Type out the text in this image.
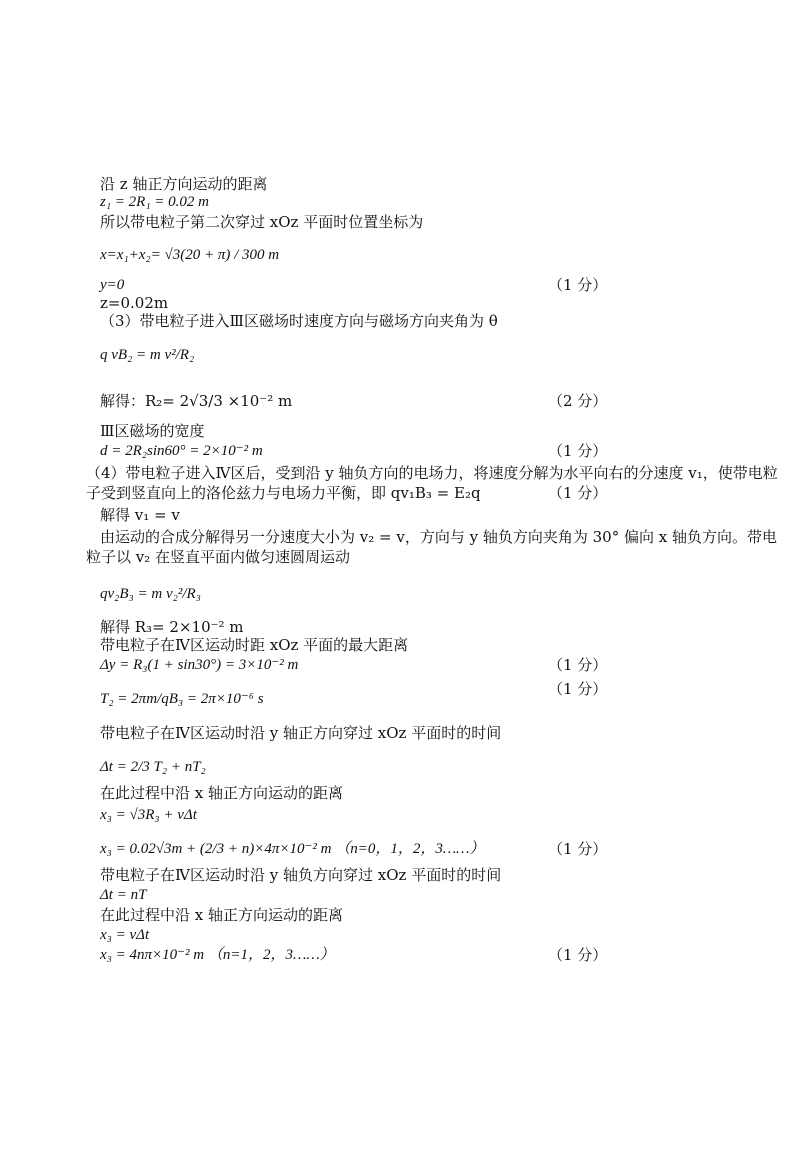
沿 z 轴正方向运动的距离
z₁ = 2R₁ = 0.02 m
所以带电粒子第二次穿过 xOz 平面时位置坐标为
x=x₁+x₂= √3(20 + π) / 300 m
y=0	（1 分）
z=0.02m
（3）带电粒子进入Ⅲ区磁场时速度方向与磁场方向夹角为 θ
q vB₂ = m v²/R₂
解得：R₂= 2√3/3 ×10⁻² m	（2 分）
Ⅲ区磁场的宽度
d = 2R₂sin60° = 2×10⁻² m	（1 分）
（4）带电粒子进入Ⅳ区后，受到沿 y 轴负方向的电场力，将速度分解为水平向右的分速度 v₁，使带电粒
子受到竖直向上的洛伦兹力与电场力平衡，即 qv₁B₃ = E₂q	（1 分）
解得 v₁ = v
由运动的合成分解得另一分速度大小为 v₂ = v，方向与 y 轴负方向夹角为 30° 偏向 x 轴负方向。带电
粒子以 v₂ 在竖直平面内做匀速圆周运动
qv₂B₃ = m v₂²/R₃
解得 R₃= 2×10⁻² m
带电粒子在Ⅳ区运动时距 xOz 平面的最大距离
Δy = R₃(1 + sin30°) = 3×10⁻² m	（1 分）
T₂ = 2πm/qB₃ = 2π×10⁻⁶ s
（1 分）
带电粒子在Ⅳ区运动时沿 y 轴正方向穿过 xOz 平面时的时间
Δt = 2/3 T₂ + nT₂
在此过程中沿 x 轴正方向运动的距离
x₃ = √3R₃ + vΔt
x₃ = 0.02√3m + (2/3 + n)×4π×10⁻² m （n=0，1，2，3……）	（1 分）
带电粒子在Ⅳ区运动时沿 y 轴负方向穿过 xOz 平面时的时间
Δt = nT
在此过程中沿 x 轴正方向运动的距离
x₃ = vΔt
x₃ = 4nπ×10⁻² m （n=1，2，3……）	（1 分）
